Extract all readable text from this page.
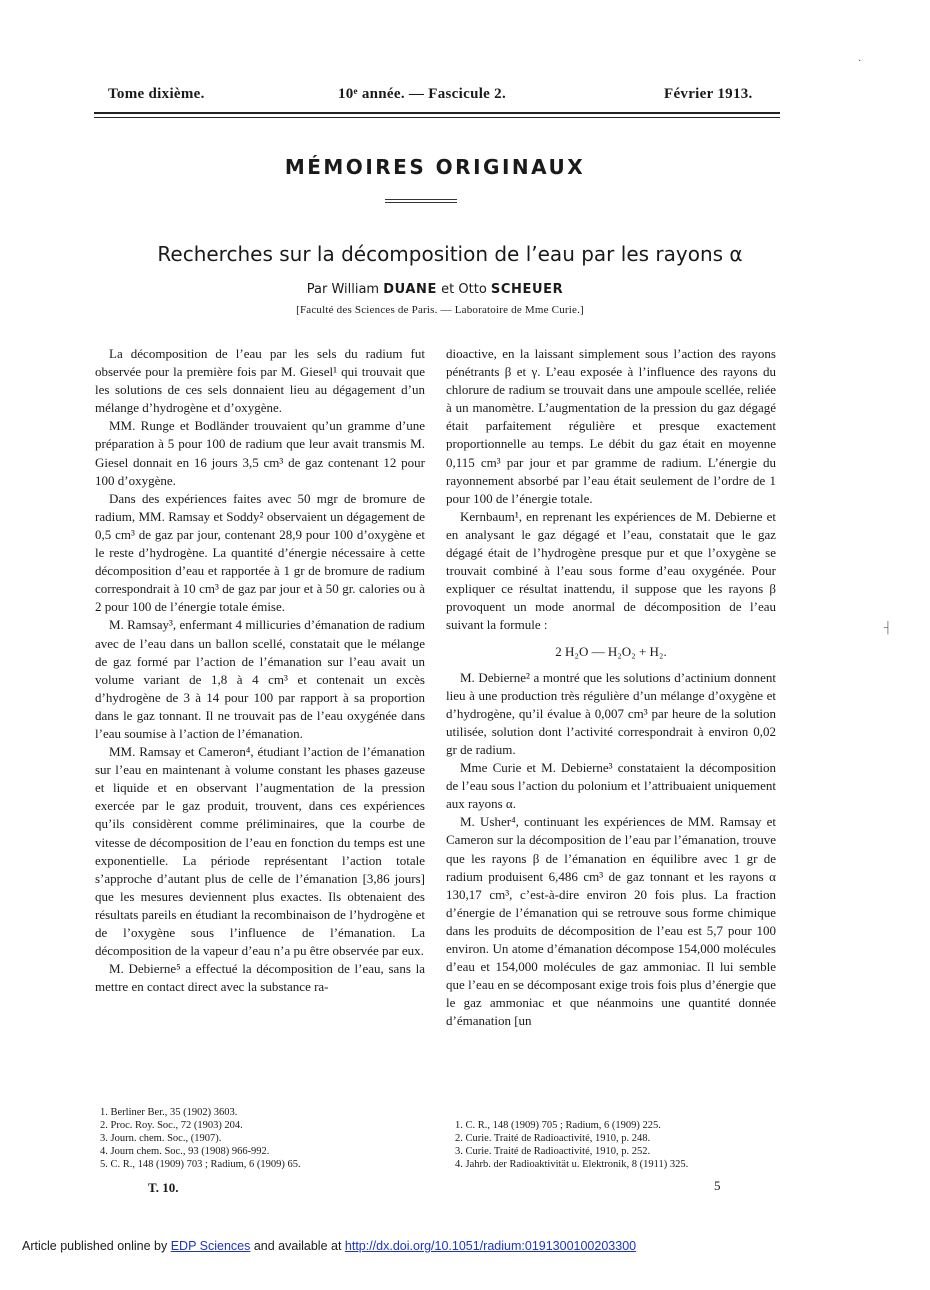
Tome dixième.	10ᵉ année. — Fascicule 2.	Février 1913.
·
MÉMOIRES ORIGINAUX
Recherches sur la décomposition de l’eau par les rayons α
Par William DUANE et Otto SCHEUER
[Faculté des Sciences de Paris. — Laboratoire de Mme Curie.]

La décomposition de l’eau par les sels du radium fut observée pour la première fois par M. Giesel¹ qui trouvait que les solutions de ces sels donnaient lieu au dégagement d’un mélange d’hydrogène et d’oxygène.

MM. Runge et Bodländer trouvaient qu’un gramme d’une préparation à 5 pour 100 de radium que leur avait transmis M. Giesel donnait en 16 jours 3,5 cm³ de gaz contenant 12 pour 100 d’oxygène.

Dans des expériences faites avec 50 mgr de bromure de radium, MM. Ramsay et Soddy² observaient un dégagement de 0,5 cm³ de gaz par jour, contenant 28,9 pour 100 d’oxygène et le reste d’hydrogène. La quantité d’énergie nécessaire à cette décomposition d’eau et rapportée à 1 gr de bromure de radium correspondrait à 10 cm³ de gaz par jour et à 50 gr. calories ou à 2 pour 100 de l’énergie totale émise.

M. Ramsay³, enfermant 4 millicuries d’émanation de radium avec de l’eau dans un ballon scellé, constatait que le mélange de gaz formé par l’action de l’émanation sur l’eau avait un volume variant de 1,8 à 4 cm³ et contenait un excès d’hydrogène de 3 à 14 pour 100 par rapport à sa proportion dans le gaz tonnant. Il ne trouvait pas de l’eau oxygénée dans l’eau soumise à l’action de l’émanation.

MM. Ramsay et Cameron⁴, étudiant l’action de l’émanation sur l’eau en maintenant à volume constant les phases gazeuse et liquide et en observant l’augmentation de la pression exercée par le gaz produit, trouvent, dans ces expériences qu’ils considèrent comme préliminaires, que la courbe de vitesse de décomposition de l’eau en fonction du temps est une exponentielle. La période représentant l’action totale s’approche d’autant plus de celle de l’émanation [3,86 jours] que les mesures deviennent plus exactes. Ils obtenaient des résultats pareils en étudiant la recombinaison de l’hydrogène et de l’oxygène sous l’influence de l’émanation. La décomposition de la vapeur d’eau n’a pu être observée par eux.

M. Debierne⁵ a effectué la décomposition de l’eau, sans la mettre en contact direct avec la substance ra-

dioactive, en la laissant simplement sous l’action des rayons pénétrants β et γ. L’eau exposée à l’influence des rayons du chlorure de radium se trouvait dans une ampoule scellée, reliée à un manomètre. L’augmentation de la pression du gaz dégagé était parfaitement régulière et presque exactement proportionnelle au temps. Le débit du gaz était en moyenne 0,115 cm³ par jour et par gramme de radium. L’énergie du rayonnement absorbé par l’eau était seulement de l’ordre de 1 pour 100 de l’énergie totale.

Kernbaum¹, en reprenant les expériences de M. Debierne et en analysant le gaz dégagé et l’eau, constatait que le gaz dégagé était de l’hydrogène presque pur et que l’oxygène se trouvait combiné à l’eau sous forme d’eau oxygénée. Pour expliquer ce résultat inattendu, il suppose que les rayons β provoquent un mode anormal de décomposition de l’eau suivant la formule :

2 H₂O — H₂O₂ + H₂.

M. Debierne² a montré que les solutions d’actinium donnent lieu à une production très régulière d’un mélange d’oxygène et d’hydrogène, qu’il évalue à 0,007 cm³ par heure de la solution utilisée, solution dont l’activité correspondrait à environ 0,02 gr de radium.

Mme Curie et M. Debierne³ constataient la décomposition de l’eau sous l’action du polonium et l’attribuaient uniquement aux rayons α.

M. Usher⁴, continuant les expériences de MM. Ramsay et Cameron sur la décomposition de l’eau par l’émanation, trouve que les rayons β de l’émanation en équilibre avec 1 gr de radium produisent 6,486 cm³ de gaz tonnant et les rayons α 130,17 cm³, c’est-à-dire environ 20 fois plus. La fraction d’énergie de l’émanation qui se retrouve sous forme chimique dans les produits de décomposition de l’eau est 5,7 pour 100 environ. Un atome d’émanation décompose 154,000 molécules d’eau et 154,000 molécules de gaz ammoniac. Il lui semble que l’eau en se décomposant exige trois fois plus d’énergie que le gaz ammoniac et que néanmoins une quantité donnée d’émanation [un

┤
1. Berliner Ber., 35 (1902) 3603.
2. Proc. Roy. Soc., 72 (1903) 204.
3. Journ. chem. Soc., (1907).
4. Journ chem. Soc., 93 (1908) 966-992.
5. C. R., 148 (1909) 703 ; Radium, 6 (1909) 65.
1. C. R., 148 (1909) 705 ; Radium, 6 (1909) 225.
2. Curie. Traité de Radioactivité, 1910, p. 248.
3. Curie. Traité de Radioactivité, 1910, p. 252.
4. Jahrb. der Radioaktivität u. Elektronik, 8 (1911) 325.
T. 10.	5
Article published online by EDP Sciences and available at http://dx.doi.org/10.1051/radium:0191300100203300
